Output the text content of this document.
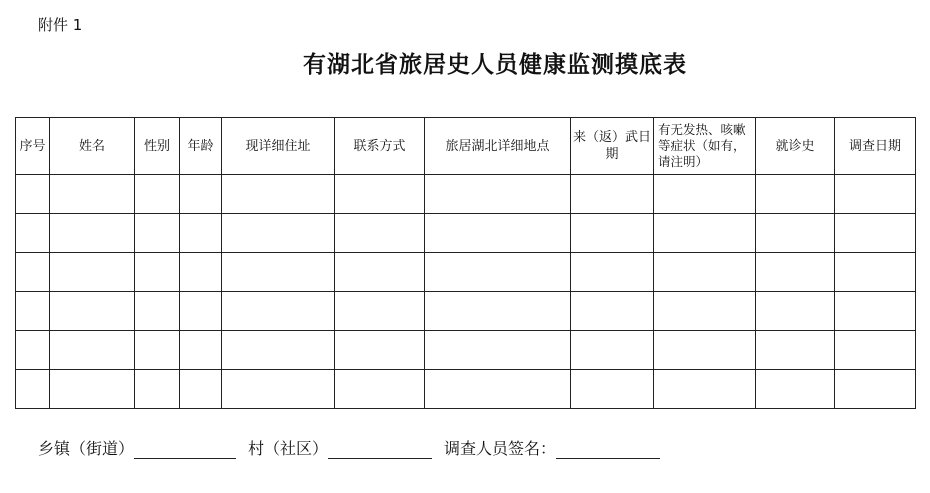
附件 1
有湖北省旅居史人员健康监测摸底表
序号	姓名	性别	年龄	现详细住址	联系方式	旅居湖北详细地点	来（返）武日期	有无发热、咳嗽等症状（如有，请注明）	就诊史	调查日期

乡镇（街道）	村（社区）	调查人员签名：
